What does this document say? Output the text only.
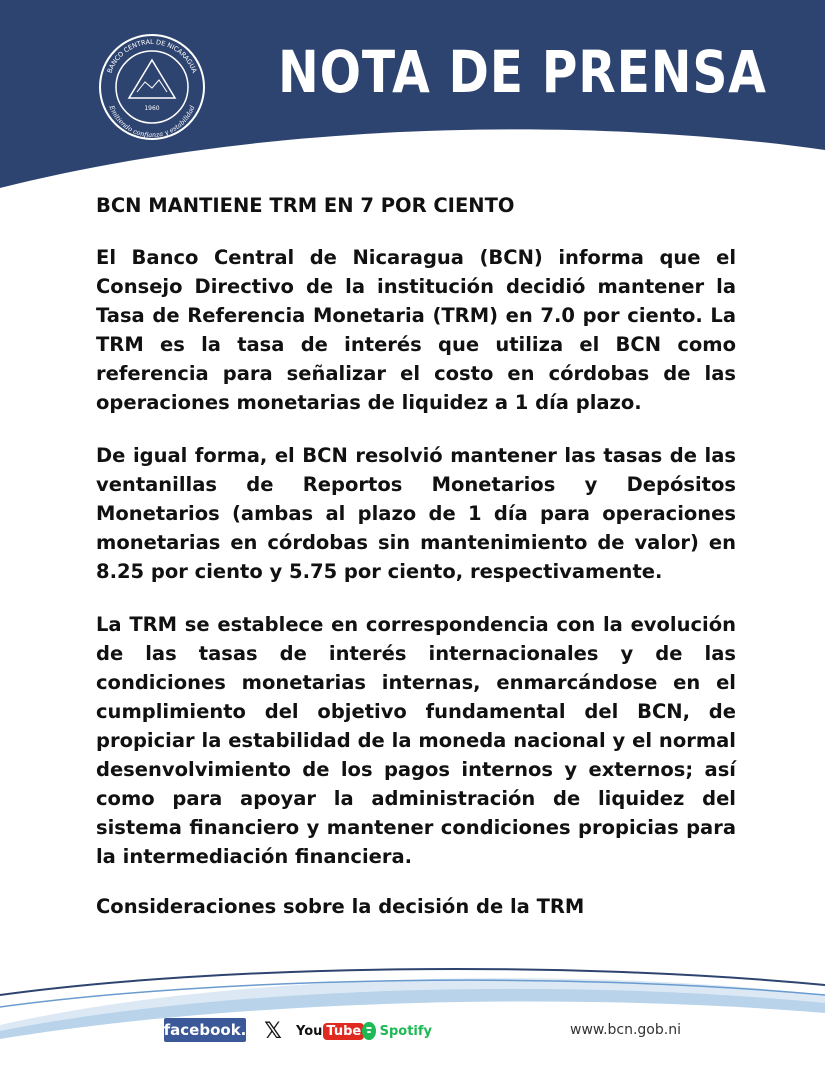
1960
BANCO CENTRAL DE NICARAGUA
Emitiendo confianza y estabilidad
NOTA DE PRENSA

BCN MANTIENE TRM EN 7 POR CIENTO

El Banco Central de Nicaragua (BCN) informa que el Consejo Directivo de la institución decidió mantener la Tasa de Referencia Monetaria (TRM) en 7.0 por ciento. La TRM es la tasa de interés que utiliza el BCN como referencia para señalizar el costo en córdobas de las operaciones monetarias de liquidez a 1 día plazo.

De igual forma, el BCN resolvió mantener las tasas de las ventanillas de Reportos Monetarios y Depósitos Monetarios (ambas al plazo de 1 día para operaciones monetarias en córdobas sin mantenimiento de valor) en 8.25 por ciento y 5.75 por ciento, respectivamente.

La TRM se establece en correspondencia con la evolución de las tasas de interés internacionales y de las condiciones monetarias internas, enmarcándose en el cumplimiento del objetivo fundamental del BCN, de propiciar la estabilidad de la moneda nacional y el normal desenvolvimiento de los pagos internos y externos; así como para apoyar la administración de liquidez del sistema financiero y mantener condiciones propicias para la intermediación financiera.

Consideraciones sobre la decisión de la TRM

facebook. 𝕏 You Tube Spotify	www.bcn.gob.ni
